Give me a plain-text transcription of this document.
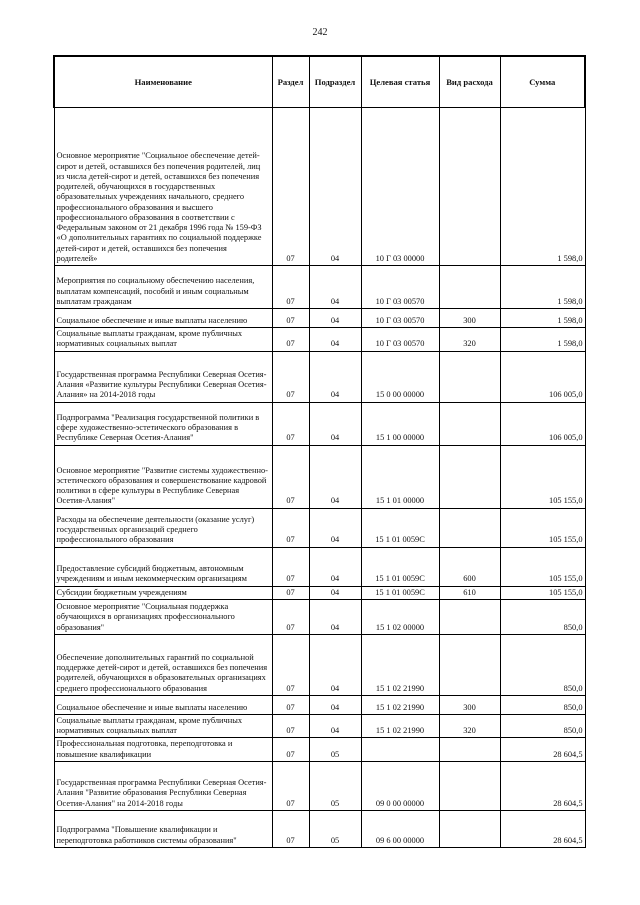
242
Наименование	Раздел	Подраздел	Целевая статья	Вид расхода	Сумма
Основное мероприятие "Социальное обеспечение детей-сирот и детей, оставшихся без попечения родителей, лиц из числа детей-сирот и детей, оставшихся без попечения родителей, обучающихся в государственных образовательных учреждениях начального, среднего профессионального образования и высшего профессионального образования в соответствии с Федеральным законом от 21 декабря 1996 года № 159-ФЗ «О дополнительных гарантиях по социальной поддержке детей-сирот и детей, оставшихся без попечения родителей»	07	04	10 Г 03 00000		1 598,0
Мероприятия по социальному обеспечению населения, выплатам компенсаций, пособий и иным социальным выплатам гражданам	07	04	10 Г 03 00570		1 598,0
Социальное обеспечение и иные выплаты населению	07	04	10 Г 03 00570	300	1 598,0
Социальные выплаты гражданам, кроме публичных нормативных социальных выплат	07	04	10 Г 03 00570	320	1 598,0
Государственная программа Республики Северная Осетия-Алания «Развитие культуры Республики Северная Осетия-Алания» на 2014-2018 годы	07	04	15 0 00 00000		106 005,0
Подпрограмма "Реализация государственной политики в сфере художественно-эстетического образования в Республике Северная Осетия-Алания"	07	04	15 1 00 00000		106 005,0
Основное мероприятие "Развитие системы художественно-эстетического образования и совершенствование кадровой политики в сфере культуры в Республике Северная Осетия-Алания"	07	04	15 1 01 00000		105 155,0
Расходы на обеспечение деятельности (оказание услуг) государственных организаций среднего профессионального образования	07	04	15 1 01 0059С		105 155,0
Предоставление субсидий бюджетным, автономным учреждениям и иным некоммерческим организациям	07	04	15 1 01 0059С	600	105 155,0
Субсидии бюджетным учреждениям	07	04	15 1 01 0059С	610	105 155,0
Основное мероприятие "Социальная поддержка обучающихся в организациях профессионального образования"	07	04	15 1 02 00000		850,0
Обеспечение дополнительных гарантий по социальной поддержке детей-сирот и детей, оставшихся без попечения родителей, обучающихся в образовательных организациях среднего профессионального образования	07	04	15 1 02 21990		850,0
Социальное обеспечение и иные выплаты населению	07	04	15 1 02 21990	300	850,0
Социальные выплаты гражданам, кроме публичных нормативных социальных выплат	07	04	15 1 02 21990	320	850,0
Профессиональная подготовка, переподготовка и повышение квалификации	07	05			28 604,5
Государственная программа Республики Северная Осетия-Алания "Развитие образования Республики Северная Осетия-Алания" на 2014-2018 годы	07	05	09 0 00 00000		28 604,5
Подпрограмма "Повышение квалификации и переподготовка работников системы образования"	07	05	09 6 00 00000		28 604,5
